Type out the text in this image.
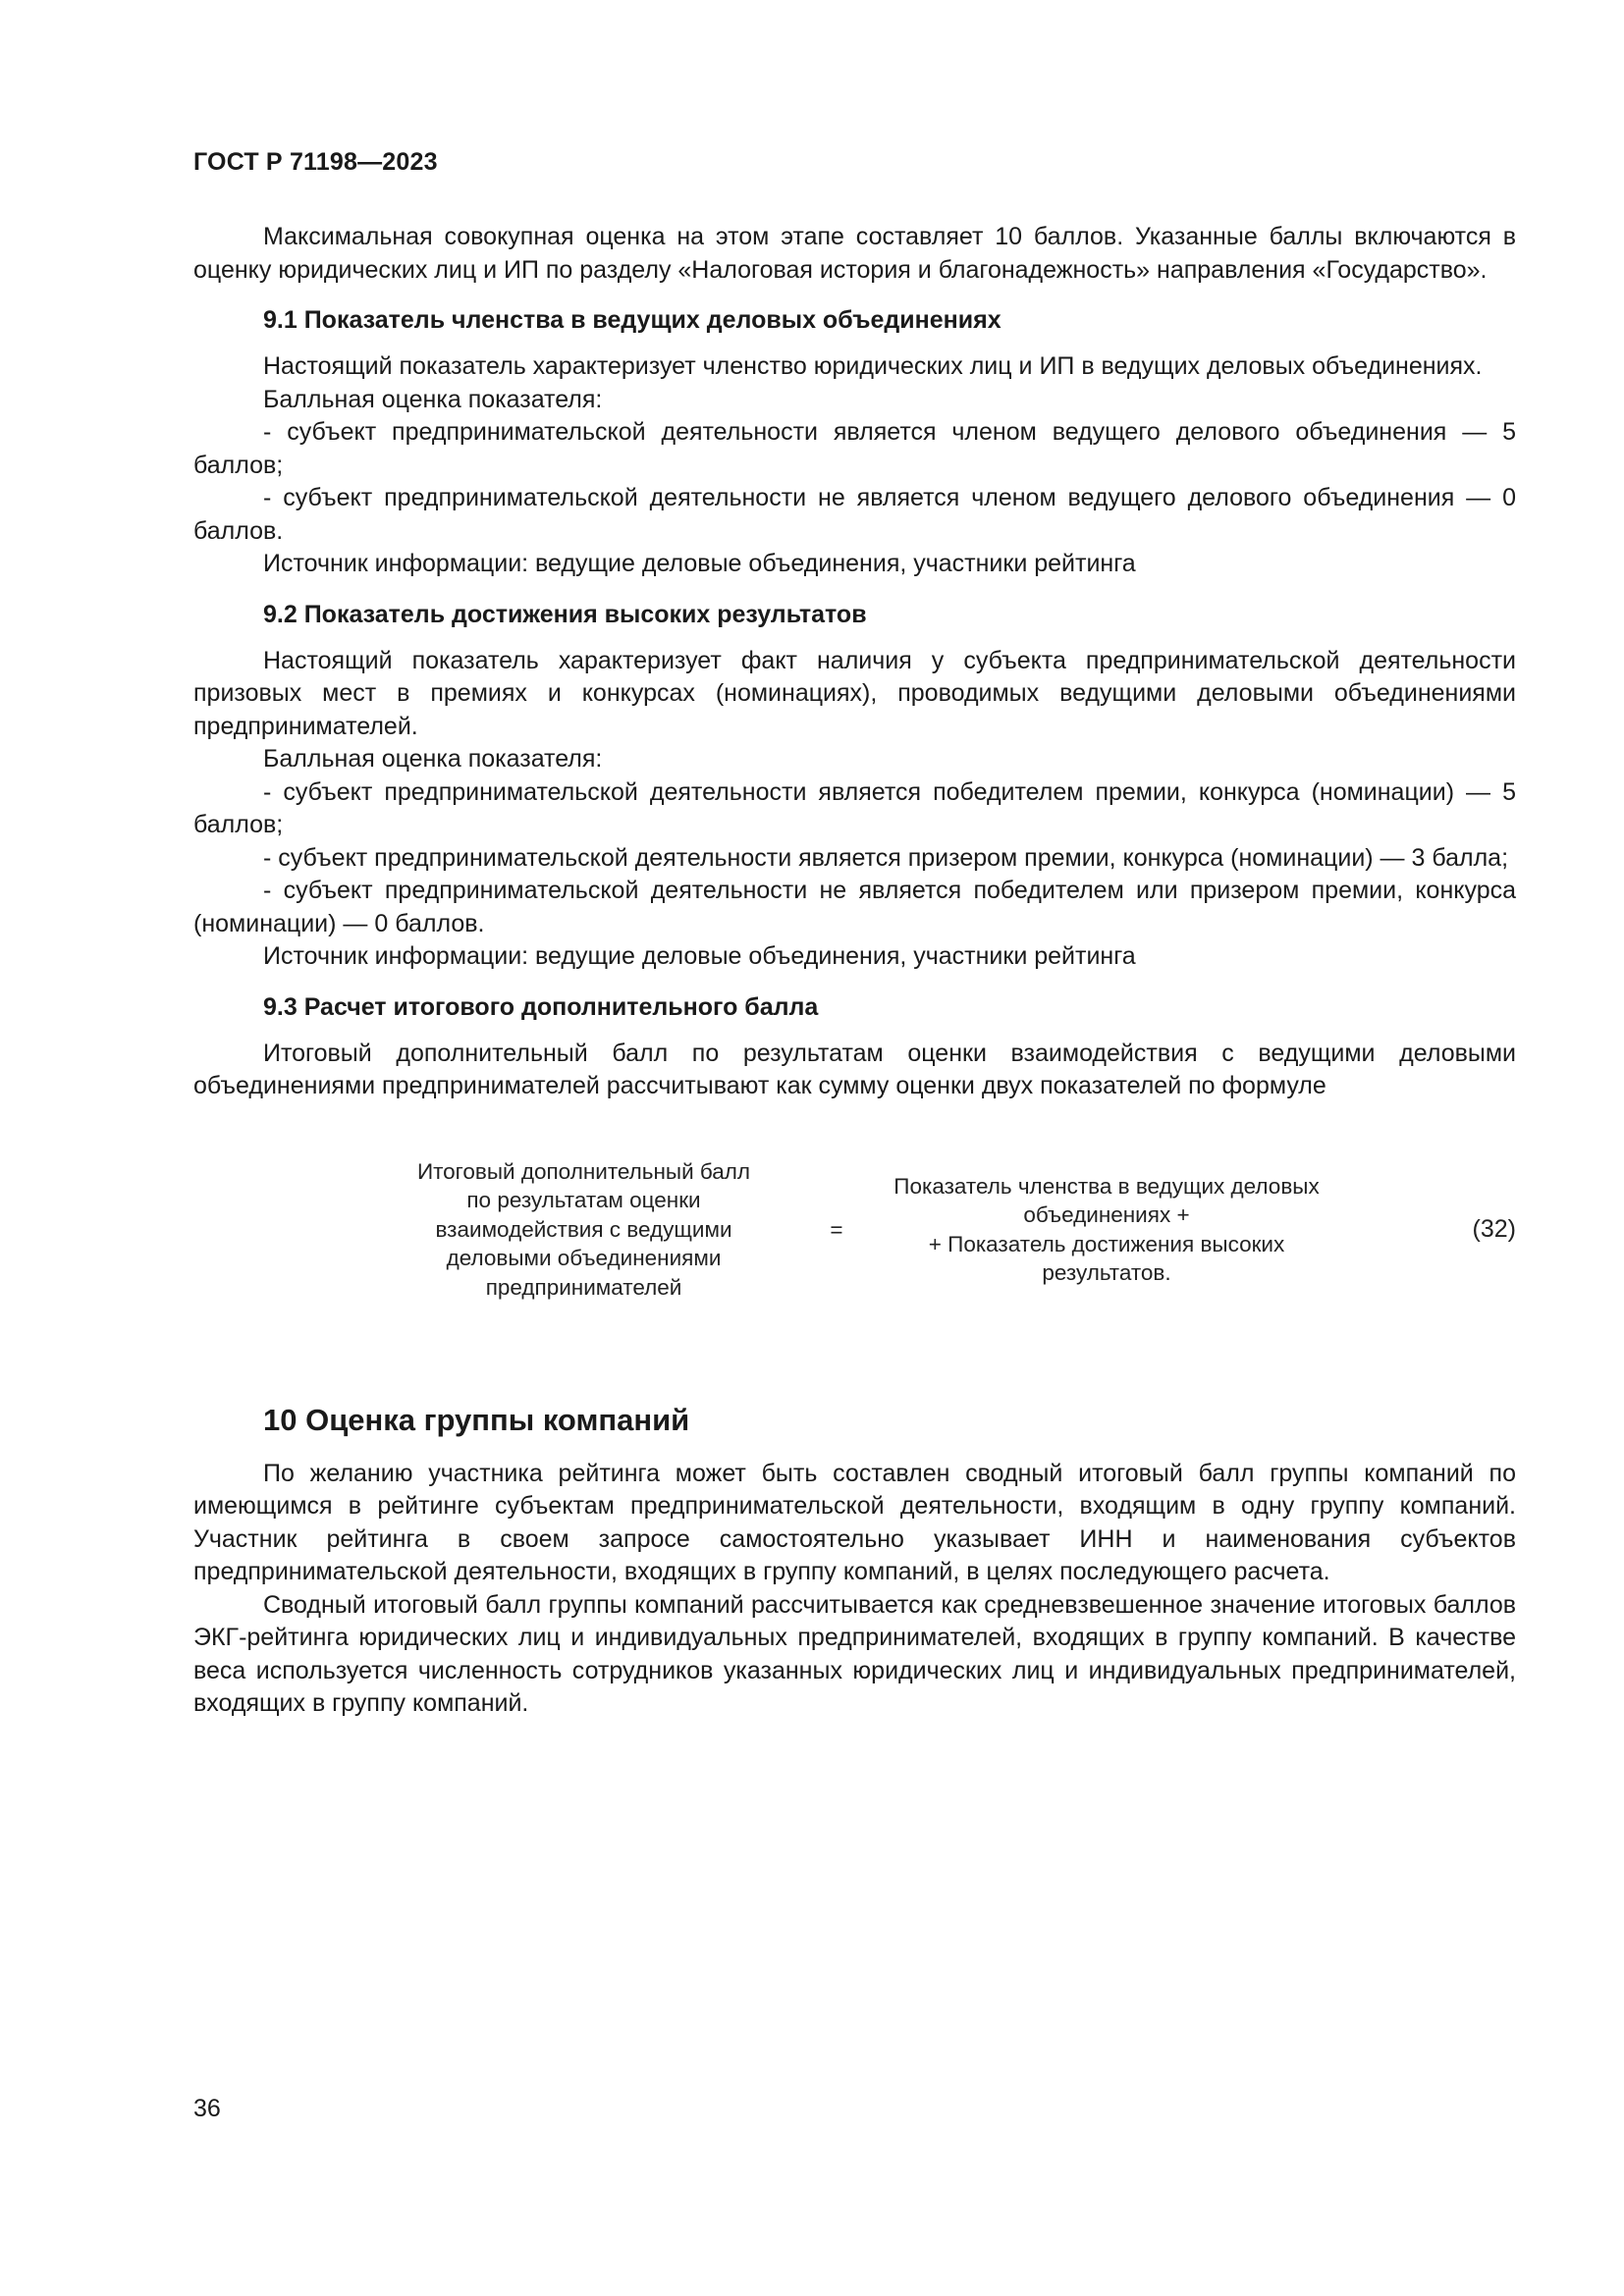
ГОСТ Р 71198—2023

Максимальная совокупная оценка на этом этапе составляет 10 баллов. Указанные баллы включаются в оценку юридических лиц и ИП по разделу «Налоговая история и благонадежность» направления «Государство».

9.1 Показатель членства в ведущих деловых объединениях

Настоящий показатель характеризует членство юридических лиц и ИП в ведущих деловых объединениях.

Балльная оценка показателя:

- субъект предпринимательской деятельности является членом ведущего делового объединения — 5 баллов;

- субъект предпринимательской деятельности не является членом ведущего делового объединения — 0 баллов.

Источник информации: ведущие деловые объединения, участники рейтинга

9.2 Показатель достижения высоких результатов

Настоящий показатель характеризует факт наличия у субъекта предпринимательской деятельности призовых мест в премиях и конкурсах (номинациях), проводимых ведущими деловыми объединениями предпринимателей.

Балльная оценка показателя:

- субъект предпринимательской деятельности является победителем премии, конкурса (номинации) — 5 баллов;

- субъект предпринимательской деятельности является призером премии, конкурса (номинации) — 3 балла;

- субъект предпринимательской деятельности не является победителем или призером премии, конкурса (номинации) — 0 баллов.

Источник информации: ведущие деловые объединения, участники рейтинга

9.3 Расчет итогового дополнительного балла

Итоговый дополнительный балл по результатам оценки взаимодействия с ведущими деловыми объединениями предпринимателей рассчитывают как сумму оценки двух показателей по формуле

Итоговый дополнительный балл
по результатам оценки
взаимодействия с ведущими
деловыми объединениями
предпринимателей
=
Показатель членства в ведущих деловых
объединениях +
+ Показатель достижения высоких
результатов.
(32)
10 Оценка группы компаний

По желанию участника рейтинга может быть составлен сводный итоговый балл группы компаний по имеющимся в рейтинге субъектам предпринимательской деятельности, входящим в одну группу компаний. Участник рейтинга в своем запросе самостоятельно указывает ИНН и наименования субъектов предпринимательской деятельности, входящих в группу компаний, в целях последующего расчета.

Сводный итоговый балл группы компаний рассчитывается как средневзвешенное значение итоговых баллов ЭКГ-рейтинга юридических лиц и индивидуальных предпринимателей, входящих в группу компаний. В качестве веса используется численность сотрудников указанных юридических лиц и индивидуальных предпринимателей, входящих в группу компаний.

36
